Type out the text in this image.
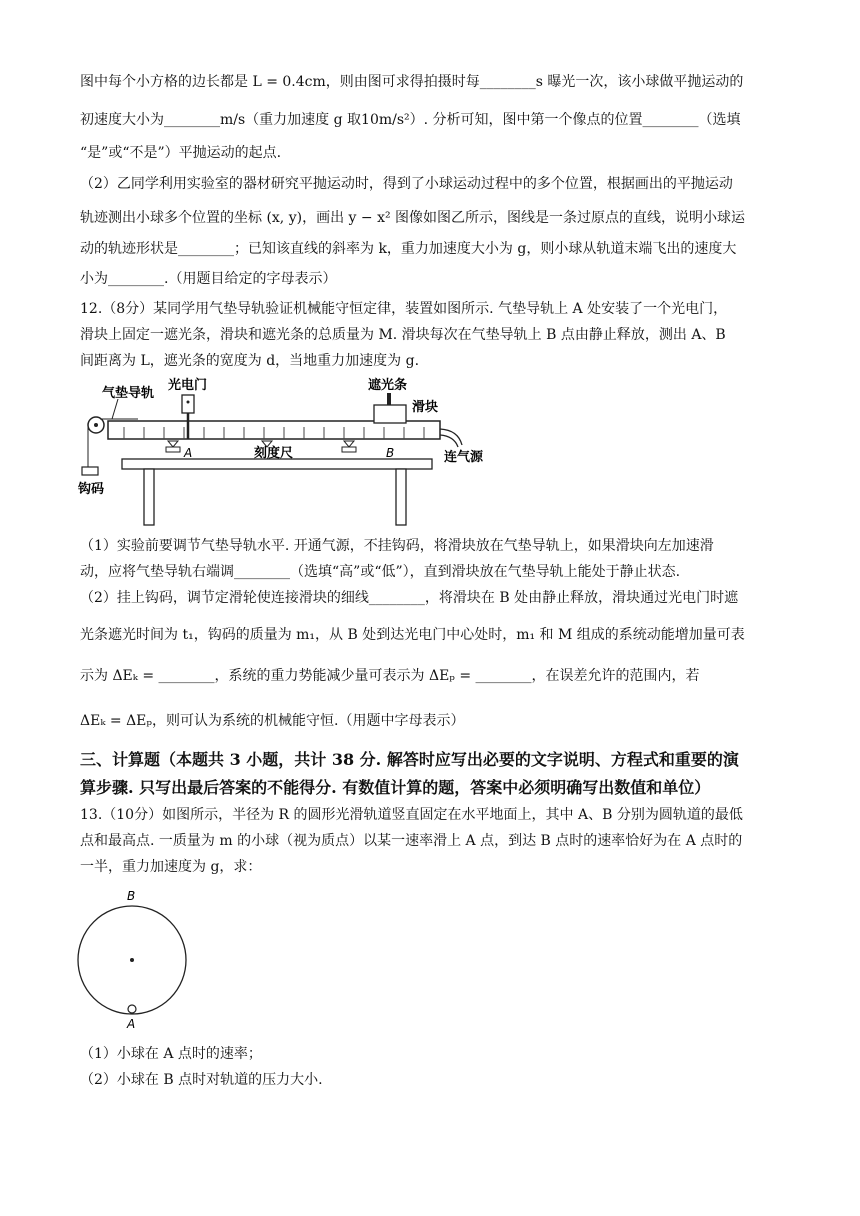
图中每个小方格的边长都是 L = 0.4cm，则由图可求得拍摄时每________s 曝光一次，该小球做平抛运动的
初速度大小为________m/s（重力加速度 g 取10m/s²）. 分析可知，图中第一个像点的位置________（选填
“是”或“不是”）平抛运动的起点.
（2）乙同学利用实验室的器材研究平抛运动时，得到了小球运动过程中的多个位置，根据画出的平抛运动
轨迹测出小球多个位置的坐标 (x, y)，画出 y − x² 图像如图乙所示，图线是一条过原点的直线，说明小球运
动的轨迹形状是________；已知该直线的斜率为 k，重力加速度大小为 g，则小球从轨道末端飞出的速度大
小为________.（用题目给定的字母表示）
12.（8分）某同学用气垫导轨验证机械能守恒定律，装置如图所示. 气垫导轨上 A 处安装了一个光电门，
滑块上固定一遮光条，滑块和遮光条的总质量为 M. 滑块每次在气垫导轨上 B 点由静止释放，测出 A、B
间距离为 L，遮光条的宽度为 d，当地重力加速度为 g.
气垫导轨
光电门	遮光条
滑块
A	刻度尺	B	连气源
钩码
（1）实验前要调节气垫导轨水平. 开通气源，不挂钩码，将滑块放在气垫导轨上，如果滑块向左加速滑
动，应将气垫导轨右端调________（选填“高”或“低”），直到滑块放在气垫导轨上能处于静止状态.
（2）挂上钩码，调节定滑轮使连接滑块的细线________，将滑块在 B 处由静止释放，滑块通过光电门时遮
光条遮光时间为 t₁，钩码的质量为 m₁，从 B 处到达光电门中心处时，m₁ 和 M 组成的系统动能增加量可表
示为 ΔEₖ = ________，系统的重力势能减少量可表示为 ΔEₚ = ________，在误差允许的范围内，若
ΔEₖ = ΔEₚ，则可认为系统的机械能守恒.（用题中字母表示）
三、计算题（本题共 3 小题，共计 38 分. 解答时应写出必要的文字说明、方程式和重要的演
算步骤. 只写出最后答案的不能得分. 有数值计算的题，答案中必须明确写出数值和单位）
13.（10分）如图所示，半径为 R 的圆形光滑轨道竖直固定在水平地面上，其中 A、B 分别为圆轨道的最低
点和最高点. 一质量为 m 的小球（视为质点）以某一速率滑上 A 点，到达 B 点时的速率恰好为在 A 点时的
一半，重力加速度为 g，求：
B
A
（1）小球在 A 点时的速率；
（2）小球在 B 点时对轨道的压力大小.
